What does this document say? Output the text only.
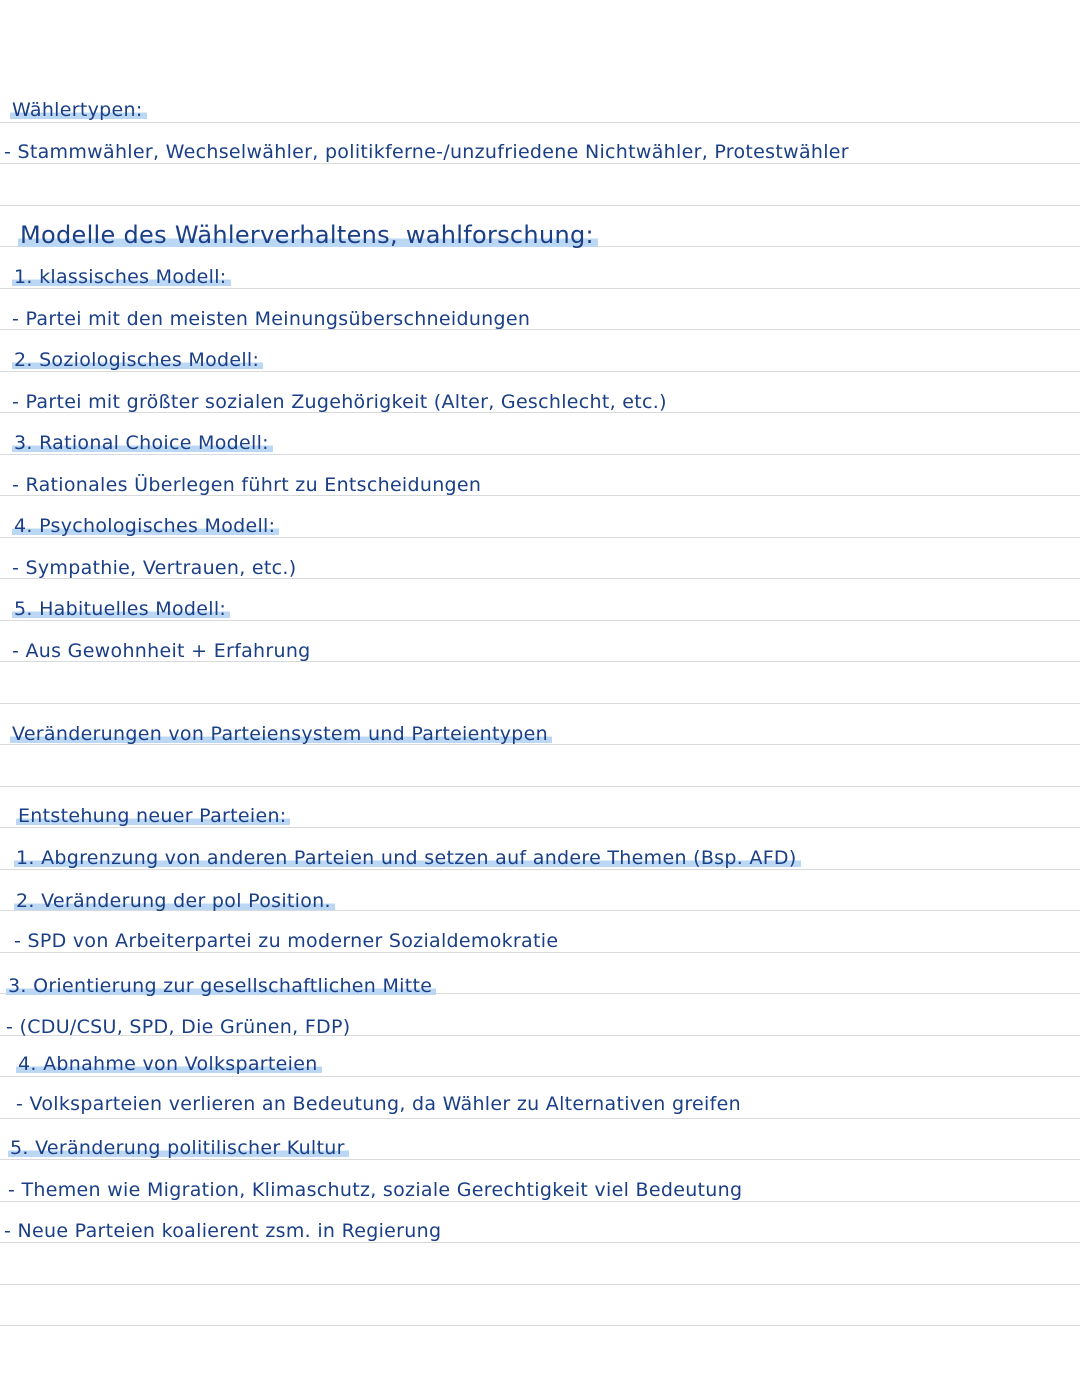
Wählertypen:
- Stammwähler, Wechselwähler, politikferne-/unzufriedene Nichtwähler, Protestwähler
Modelle des Wählerverhaltens, wahlforschung:
1. klassisches Modell:
- Partei mit den meisten Meinungsüberschneidungen
2. Soziologisches Modell:
- Partei mit größter sozialen Zugehörigkeit (Alter, Geschlecht, etc.)
3. Rational Choice Modell:
- Rationales Überlegen führt zu Entscheidungen
4. Psychologisches Modell:
- Sympathie, Vertrauen, etc.)
5. Habituelles Modell:
- Aus Gewohnheit + Erfahrung
Veränderungen von Parteiensystem und Parteientypen
Entstehung neuer Parteien:
1. Abgrenzung von anderen Parteien und setzen auf andere Themen (Bsp. AFD)
2. Veränderung der pol Position.
- SPD von Arbeiterpartei zu moderner Sozialdemokratie
3. Orientierung zur gesellschaftlichen Mitte
- (CDU/CSU, SPD, Die Grünen, FDP)
4. Abnahme von Volksparteien
- Volksparteien verlieren an Bedeutung, da Wähler zu Alternativen greifen
5. Veränderung politilischer Kultur
- Themen wie Migration, Klimaschutz, soziale Gerechtigkeit viel Bedeutung
- Neue Parteien koalierent zsm. in Regierung
